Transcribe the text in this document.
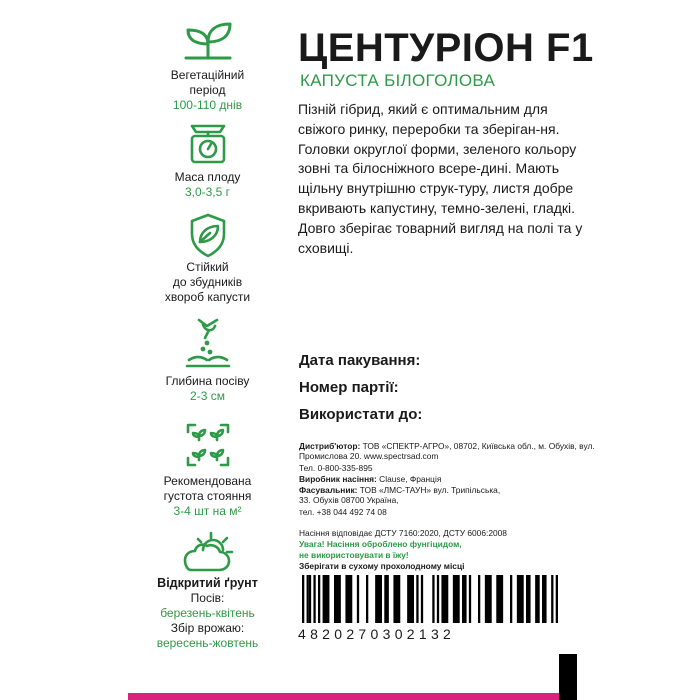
Вегетаційний
період
100-110 днів
Маса плоду
3,0-3,5 г
Стійкий
до збудників
хвороб капусти
Глибина посіву
2-3 см
Рекомендована
густота стояння
3-4 шт на м²
Відкритий ґрунт
Посів:
березень-квітень
Збір врожаю:
вересень-жовтень
ЦЕНТУРІОН F1
КАПУСТА БІЛОГОЛОВА
Пізній гібрид, який є оптимальним для свіжого ринку, переробки та зберіган-ня. Головки округлої форми, зеленого кольору зовні та білосніжного всере-дині. Мають щільну внутрішню струк-туру, листя добре вкривають капустину, темно-зелені, гладкі. Довго зберігає товарний вигляд на полі та у сховищі.
Дата пакування:
Номер партії:
Використати до:
Дистриб'ютор: ТОВ «СПЕКТР-АГРО», 08702, Київська обл., м. Обухів, вул. Промислова 20. www.spectrsad.com
Тел. 0-800-335-895
Виробник насіння: Clause, Франція
Фасувальник: ТОВ «ЛМС-ТАУН» вул. Трипільська, 33. Обухів 08700 Україна,
тел. +38 044 492 74 08
Насіння відповідає ДСТУ 7160:2020, ДСТУ 6006:2008
Увага! Насіння оброблено фунгіцидом,
не використовувати в їжу!
Зберігати в сухому прохолодному місці
4820270302132
